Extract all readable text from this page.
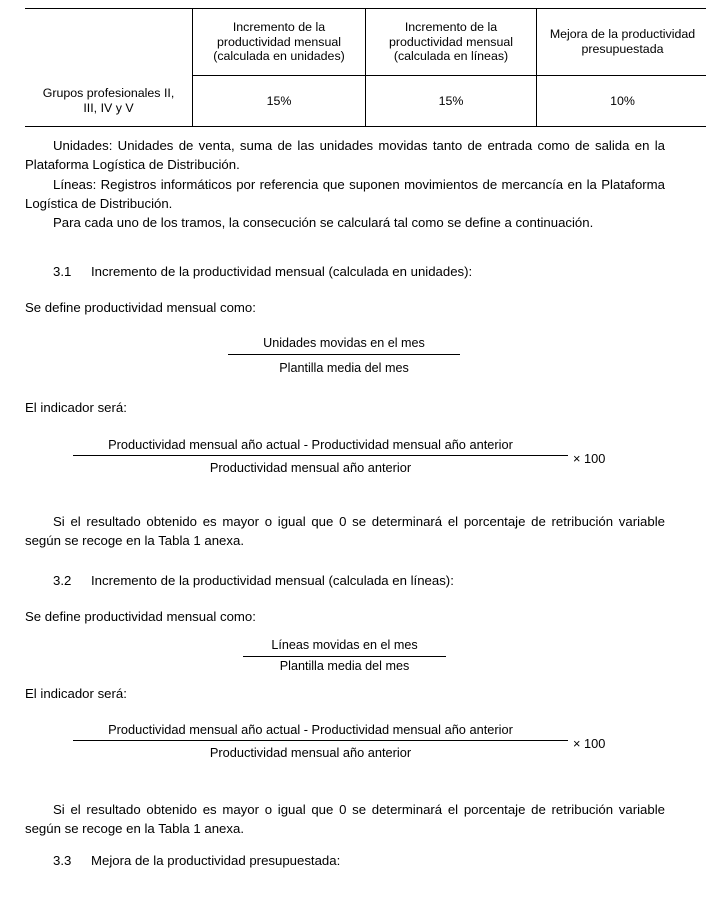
	Incremento de la
productividad mensual
(calculada en unidades)	Incremento de la
productividad mensual
(calculada en líneas)	Mejora de la productividad
presupuestada
Grupos profesionales II,
III, IV y V	15%	15%	10%

Unidades: Unidades de venta, suma de las unidades movidas tanto de entrada como de salida en la Plataforma Logística de Distribución.

Líneas: Registros informáticos por referencia que suponen movimientos de mercancía en la Plataforma Logística de Distribución.

Para cada uno de los tramos, la consecución se calculará tal como se define a continuación.

3.1 Incremento de la productividad mensual (calculada en unidades):

Se define productividad mensual como:

Unidades movidas en el mes
Plantilla media del mes

El indicador será:

Productividad mensual año actual - Productividad mensual año anterior
Productividad mensual año anterior
× 100

Si el resultado obtenido es mayor o igual que 0 se determinará el porcentaje de retribución variable según se recoge en la Tabla 1 anexa.

3.2 Incremento de la productividad mensual (calculada en líneas):

Se define productividad mensual como:

Líneas movidas en el mes
Plantilla media del mes

El indicador será:

Productividad mensual año actual - Productividad mensual año anterior
Productividad mensual año anterior
× 100

Si el resultado obtenido es mayor o igual que 0 se determinará el porcentaje de retribución variable según se recoge en la Tabla 1 anexa.

3.3 Mejora de la productividad presupuestada:
